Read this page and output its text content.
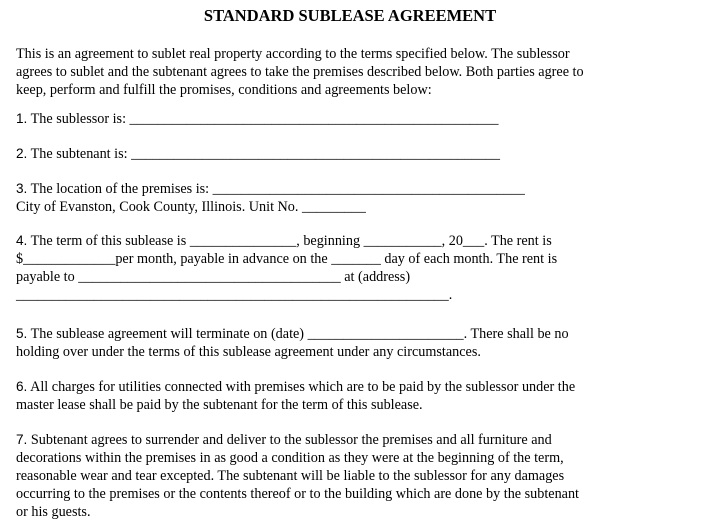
STANDARD SUBLEASE AGREEMENT

This is an agreement to sublet real property according to the terms specified below. The sublessor

agrees to sublet and the subtenant agrees to take the premises described below. Both parties agree to

keep, perform and fulfill the promises, conditions and agreements below:

1. The sublessor is: ____________________________________________________

2. The subtenant is: ____________________________________________________

3. The location of the premises is: ____________________________________________

City of Evanston, Cook County, Illinois. Unit No. _________

4. The term of this sublease is _______________, beginning ___________, 20___. The rent is

$_____________per month, payable in advance on the _______ day of each month. The rent is

payable to _____________________________________ at (address)

_____________________________________________________________.

5. The sublease agreement will terminate on (date) ______________________. There shall be no

holding over under the terms of this sublease agreement under any circumstances.

6. All charges for utilities connected with premises which are to be paid by the sublessor under the

master lease shall be paid by the subtenant for the term of this sublease.

7. Subtenant agrees to surrender and deliver to the sublessor the premises and all furniture and

decorations within the premises in as good a condition as they were at the beginning of the term,

reasonable wear and tear excepted. The subtenant will be liable to the sublessor for any damages

occurring to the premises or the contents thereof or to the building which are done by the subtenant

or his guests.
